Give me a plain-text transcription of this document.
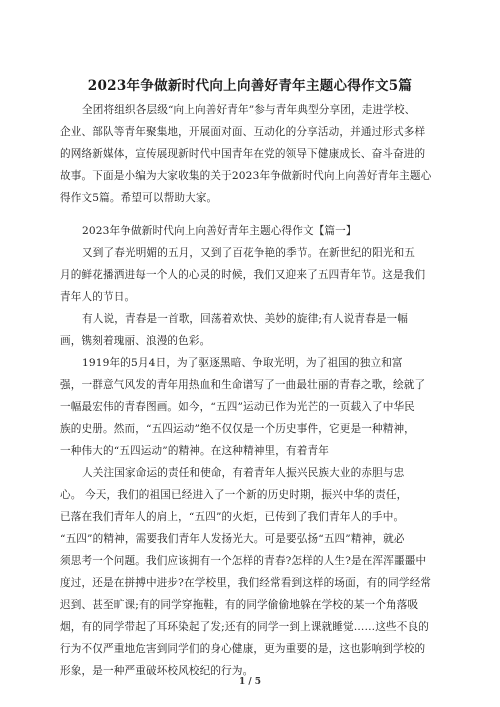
2023年争做新时代向上向善好青年主题心得作文5篇
全团将组织各层级“向上向善好青年”参与青年典型分享团，走进学校、
企业、部队等青年聚集地，开展面对面、互动化的分享活动，并通过形式多样
的网络新媒体，宣传展现新时代中国青年在党的领导下健康成长、奋斗奋进的
故事。下面是小编为大家收集的关于2023年争做新时代向上向善好青年主题心
得作文5篇。希望可以帮助大家。
2023年争做新时代向上向善好青年主题心得作文【篇一】
又到了春光明媚的五月，又到了百花争艳的季节。在新世纪的阳光和五
月的鲜花播洒进每一个人的心灵的时候，我们又迎来了五四青年节。这是我们
青年人的节日。
有人说，青春是一首歌，回荡着欢快、美妙的旋律;有人说青春是一幅
画，镌刻着瑰丽、浪漫的色彩。
1919年的5月4日，为了驱逐黑暗、争取光明，为了祖国的独立和富
强，一群意气风发的青年用热血和生命谱写了一曲最壮丽的青春之歌，绘就了
一幅最宏伟的青春图画。如今，“五四”运动已作为光芒的一页载入了中华民
族的史册。然而，“五四运动”绝不仅仅是一个历史事件，它更是一种精神，
一种伟大的“五四运动”的精神。在这种精神里，有着青年
人关注国家命运的责任和使命，有着青年人振兴民族大业的赤胆与忠
心。 今天，我们的祖国已经进入了一个新的历史时期，振兴中华的责任，
已落在我们青年人的肩上，“五四”的火炬，已传到了我们青年人的手中。
“五四”的精神，需要我们青年人发扬光大。可是要弘扬“五四”精神，就必
须思考一个问题。我们应该拥有一个怎样的青春?怎样的人生?是在浑浑噩噩中
度过，还是在拼搏中进步?在学校里，我们经常看到这样的场面，有的同学经常
迟到、甚至旷课;有的同学穿拖鞋，有的同学偷偷地躲在学校的某一个角落吸
烟，有的同学带起了耳环染起了发;还有的同学一到上课就睡觉……这些不良的
行为不仅严重地危害到同学们的身心健康，更为重要的是，这也影响到学校的
形象，是一种严重破坏校风校纪的行为。
1 / 5
